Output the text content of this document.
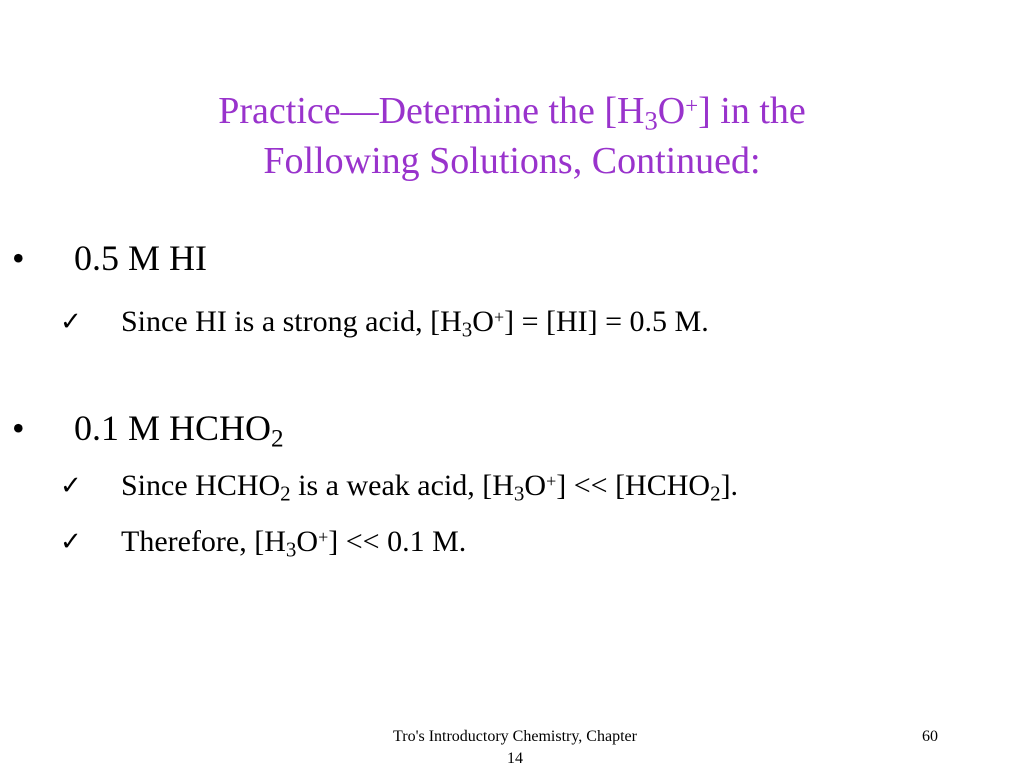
Practice—Determine the $[H_3O^+]$ in the
Following Solutions, Continued:
• 0.5 M HI
✓ Since HI is a strong acid, $[H_3O^+] = [HI] = 0.5$ M.
• 0.1 M $HCHO_2$
✓ Since $HCHO_2$ is a weak acid, $[H_3O^+]$ << $[HCHO_2]$.
✓ Therefore, $[H_3O^+] << 0.1$ M.
Tro's Introductory Chemistry, Chapter
14
60
